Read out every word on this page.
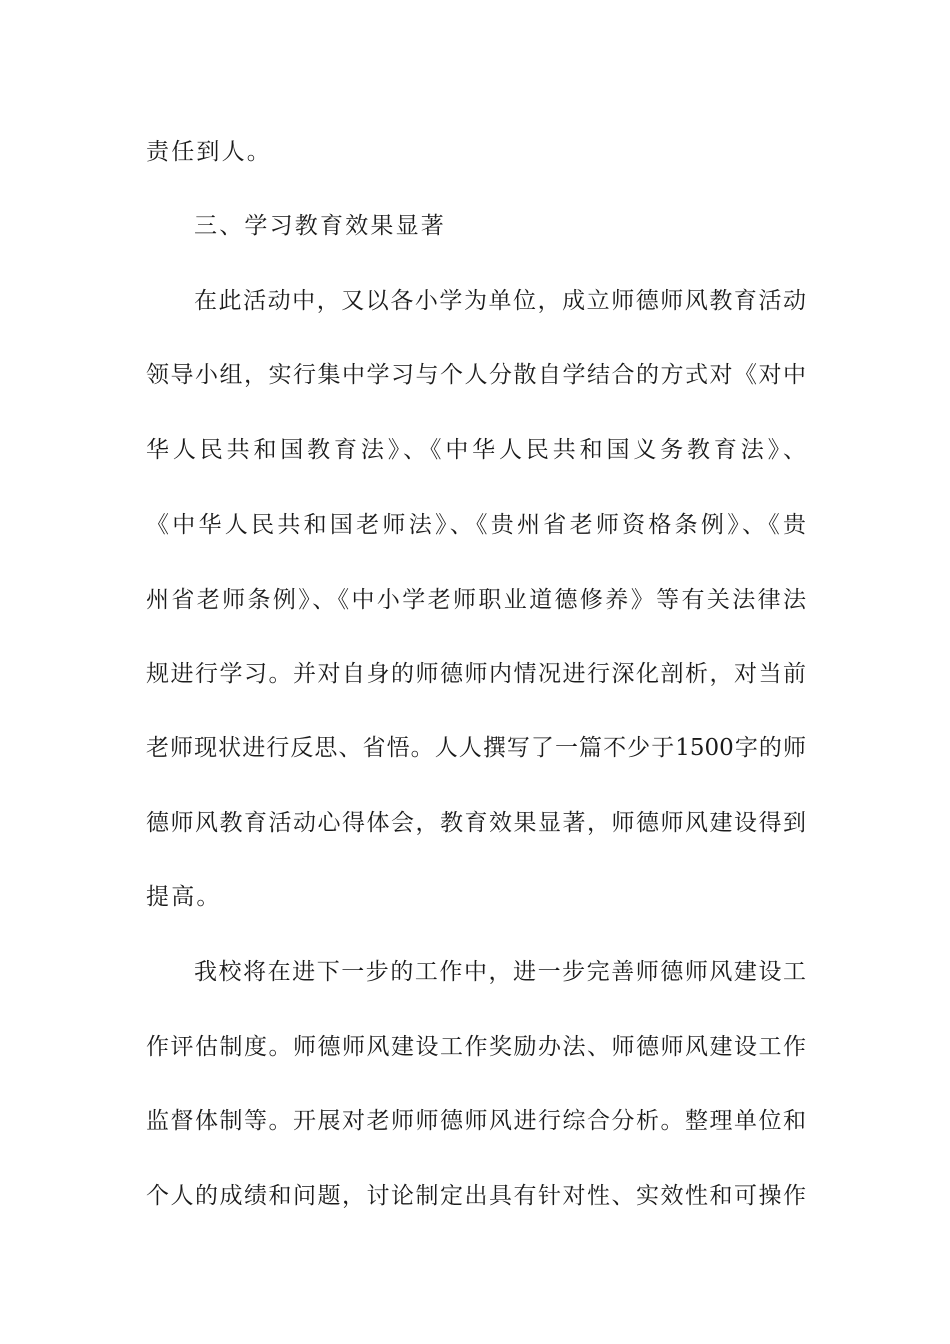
责任到人。
三、学习教育效果显著
在此活动中，又以各小学为单位，成立师德师风教育活动
领导小组，实行集中学习与个人分散自学结合的方式对《对中
华人民共和国教育法》、《中华人民共和国义务教育法》、
《中华人民共和国老师法》、《贵州省老师资格条例》、《贵
州省老师条例》、《中小学老师职业道德修养》等有关法律法
规进行学习。并对自身的师德师内情况进行深化剖析，对当前
老师现状进行反思、省悟。人人撰写了一篇不少于1500字的师
德师风教育活动心得体会，教育效果显著，师德师风建设得到
提高。
我校将在进下一步的工作中，进一步完善师德师风建设工
作评估制度。师德师风建设工作奖励办法、师德师风建设工作
监督体制等。开展对老师师德师风进行综合分析。整理单位和
个人的成绩和问题，讨论制定出具有针对性、实效性和可操作
